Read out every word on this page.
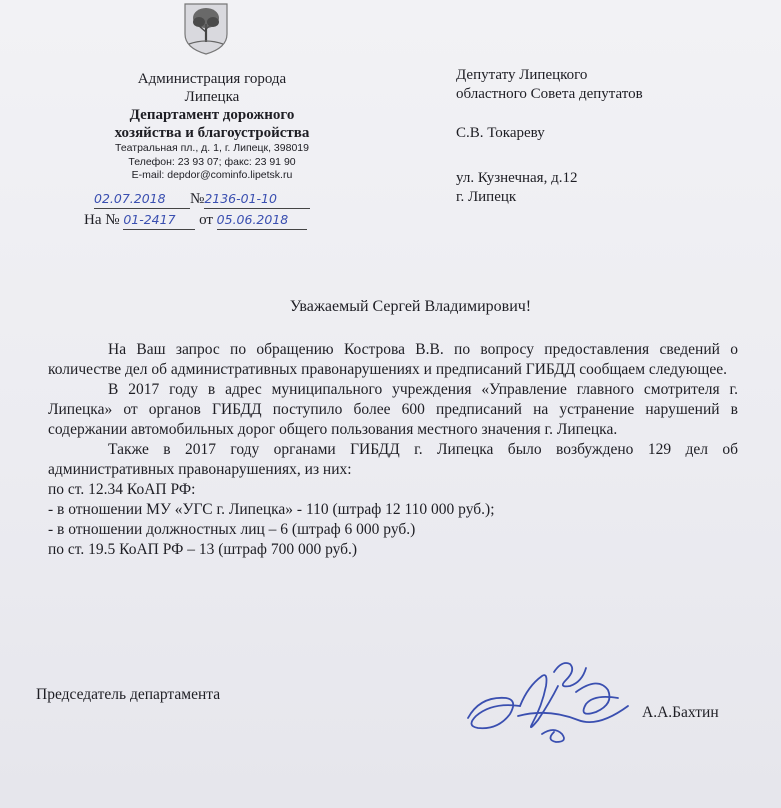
Администрация города
Липецка
Департамент дорожного
хозяйства и благоустройства
Театральная пл., д. 1, г. Липецк, 398019
Телефон: 23 93 07; факс: 23 91 90
E-mail: depdor@cominfo.lipetsk.ru
02.07.2018 №2136-01-10
На № 01-2417 от 05.06.2018
Депутату Липецкого
областного Совета депутатов
С.В. Токареву
ул. Кузнечная, д.12
г. Липецк
Уважаемый Сергей Владимирович!

На Ваш запрос по обращению Кострова В.В. по вопросу предоставления сведений о количестве дел об административных правонарушениях и предписаний ГИБДД сообщаем следующее.

В 2017 году в адрес муниципального учреждения «Управление главного смотрителя г. Липецка» от органов ГИБДД поступило более 600 предписаний на устранение нарушений в содержании автомобильных дорог общего пользования местного значения г. Липецка.

Также в 2017 году органами ГИБДД г. Липецка было возбуждено 129 дел об административных правонарушениях, из них:

по ст. 12.34 КоАП РФ:
- в отношении МУ «УГС г. Липецка» - 110 (штраф 12 110 000 руб.);
- в отношении должностных лиц – 6 (штраф 6 000 руб.)
по ст. 19.5 КоАП РФ – 13 (штраф 700 000 руб.)
Председатель департамента
А.А.Бахтин
